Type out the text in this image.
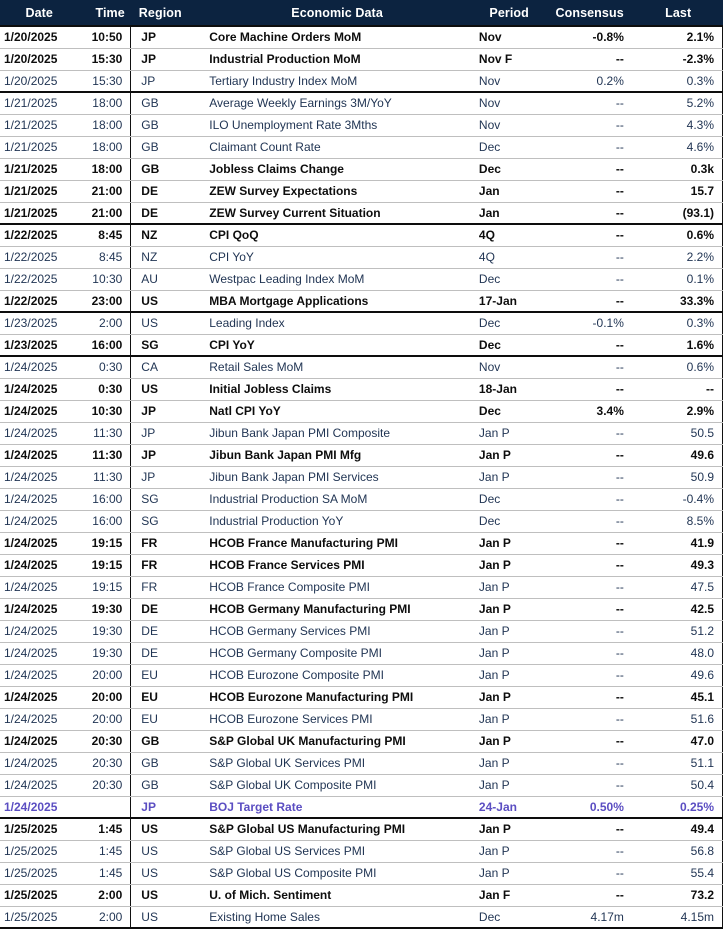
Date	Time	Region	Economic Data	Period	Consensus	Last
1/20/2025	10:50	JP	Core Machine Orders MoM	Nov	-0.8%	2.1%
1/20/2025	15:30	JP	Industrial Production MoM	Nov F	--	-2.3%
1/20/2025	15:30	JP	Tertiary Industry Index MoM	Nov	0.2%	0.3%
1/21/2025	18:00	GB	Average Weekly Earnings 3M/YoY	Nov	--	5.2%
1/21/2025	18:00	GB	ILO Unemployment Rate 3Mths	Nov	--	4.3%
1/21/2025	18:00	GB	Claimant Count Rate	Dec	--	4.6%
1/21/2025	18:00	GB	Jobless Claims Change	Dec	--	0.3k
1/21/2025	21:00	DE	ZEW Survey Expectations	Jan	--	15.7
1/21/2025	21:00	DE	ZEW Survey Current Situation	Jan	--	(93.1)
1/22/2025	8:45	NZ	CPI QoQ	4Q	--	0.6%
1/22/2025	8:45	NZ	CPI YoY	4Q	--	2.2%
1/22/2025	10:30	AU	Westpac Leading Index MoM	Dec	--	0.1%
1/22/2025	23:00	US	MBA Mortgage Applications	17-Jan	--	33.3%
1/23/2025	2:00	US	Leading Index	Dec	-0.1%	0.3%
1/23/2025	16:00	SG	CPI YoY	Dec	--	1.6%
1/24/2025	0:30	CA	Retail Sales MoM	Nov	--	0.6%
1/24/2025	0:30	US	Initial Jobless Claims	18-Jan	--	--
1/24/2025	10:30	JP	Natl CPI YoY	Dec	3.4%	2.9%
1/24/2025	11:30	JP	Jibun Bank Japan PMI Composite	Jan P	--	50.5
1/24/2025	11:30	JP	Jibun Bank Japan PMI Mfg	Jan P	--	49.6
1/24/2025	11:30	JP	Jibun Bank Japan PMI Services	Jan P	--	50.9
1/24/2025	16:00	SG	Industrial Production SA MoM	Dec	--	-0.4%
1/24/2025	16:00	SG	Industrial Production YoY	Dec	--	8.5%
1/24/2025	19:15	FR	HCOB France Manufacturing PMI	Jan P	--	41.9
1/24/2025	19:15	FR	HCOB France Services PMI	Jan P	--	49.3
1/24/2025	19:15	FR	HCOB France Composite PMI	Jan P	--	47.5
1/24/2025	19:30	DE	HCOB Germany Manufacturing PMI	Jan P	--	42.5
1/24/2025	19:30	DE	HCOB Germany Services PMI	Jan P	--	51.2
1/24/2025	19:30	DE	HCOB Germany Composite PMI	Jan P	--	48.0
1/24/2025	20:00	EU	HCOB Eurozone Composite PMI	Jan P	--	49.6
1/24/2025	20:00	EU	HCOB Eurozone Manufacturing PMI	Jan P	--	45.1
1/24/2025	20:00	EU	HCOB Eurozone Services PMI	Jan P	--	51.6
1/24/2025	20:30	GB	S&P Global UK Manufacturing PMI	Jan P	--	47.0
1/24/2025	20:30	GB	S&P Global UK Services PMI	Jan P	--	51.1
1/24/2025	20:30	GB	S&P Global UK Composite PMI	Jan P	--	50.4
1/24/2025		JP	BOJ Target Rate	24-Jan	0.50%	0.25%
1/25/2025	1:45	US	S&P Global US Manufacturing PMI	Jan P	--	49.4
1/25/2025	1:45	US	S&P Global US Services PMI	Jan P	--	56.8
1/25/2025	1:45	US	S&P Global US Composite PMI	Jan P	--	55.4
1/25/2025	2:00	US	U. of Mich. Sentiment	Jan F	--	73.2
1/25/2025	2:00	US	Existing Home Sales	Dec	4.17m	4.15m
